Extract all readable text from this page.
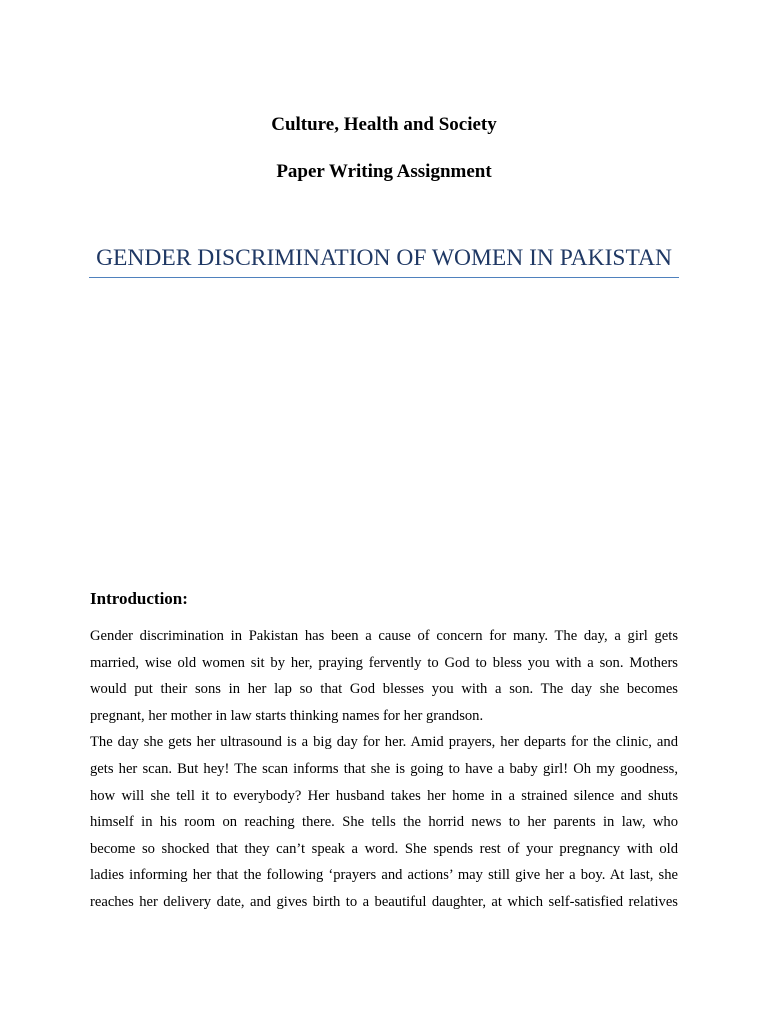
Culture, Health and Society
Paper Writing Assignment
GENDER DISCRIMINATION OF WOMEN IN PAKISTAN
Introduction:
Gender discrimination in Pakistan has been a cause of concern for many. The day, a girl gets
married, wise old women sit by her, praying fervently to God to bless you with a son. Mothers
would put their sons in her lap so that God blesses you with a son. The day she becomes
pregnant, her mother in law starts thinking names for her grandson.
The day she gets her ultrasound is a big day for her. Amid prayers, her departs for the clinic, and
gets her scan. But hey! The scan informs that she is going to have a baby girl! Oh my goodness,
how will she tell it to everybody? Her husband takes her home in a strained silence and shuts
himself in his room on reaching there. She tells the horrid news to her parents in law, who
become so shocked that they can’t speak a word. She spends rest of your pregnancy with old
ladies informing her that the following ‘prayers and actions’ may still give her a boy. At last, she
reaches her delivery date, and gives birth to a beautiful daughter, at which self-satisfied relatives
